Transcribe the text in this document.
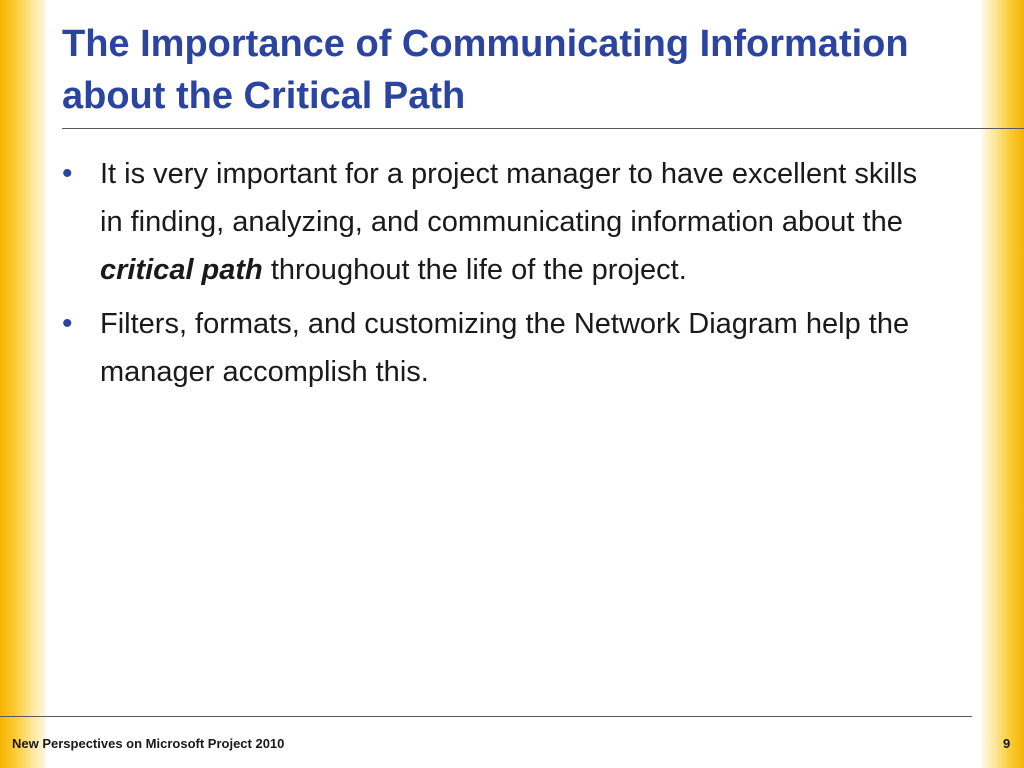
The Importance of Communicating Information about the Critical Path
• It is very important for a project manager to have excellent skills in finding, analyzing, and communicating information about the critical path throughout the life of the project.
• Filters, formats, and customizing the Network Diagram help the manager accomplish this.
New Perspectives on Microsoft Project 2010	9
